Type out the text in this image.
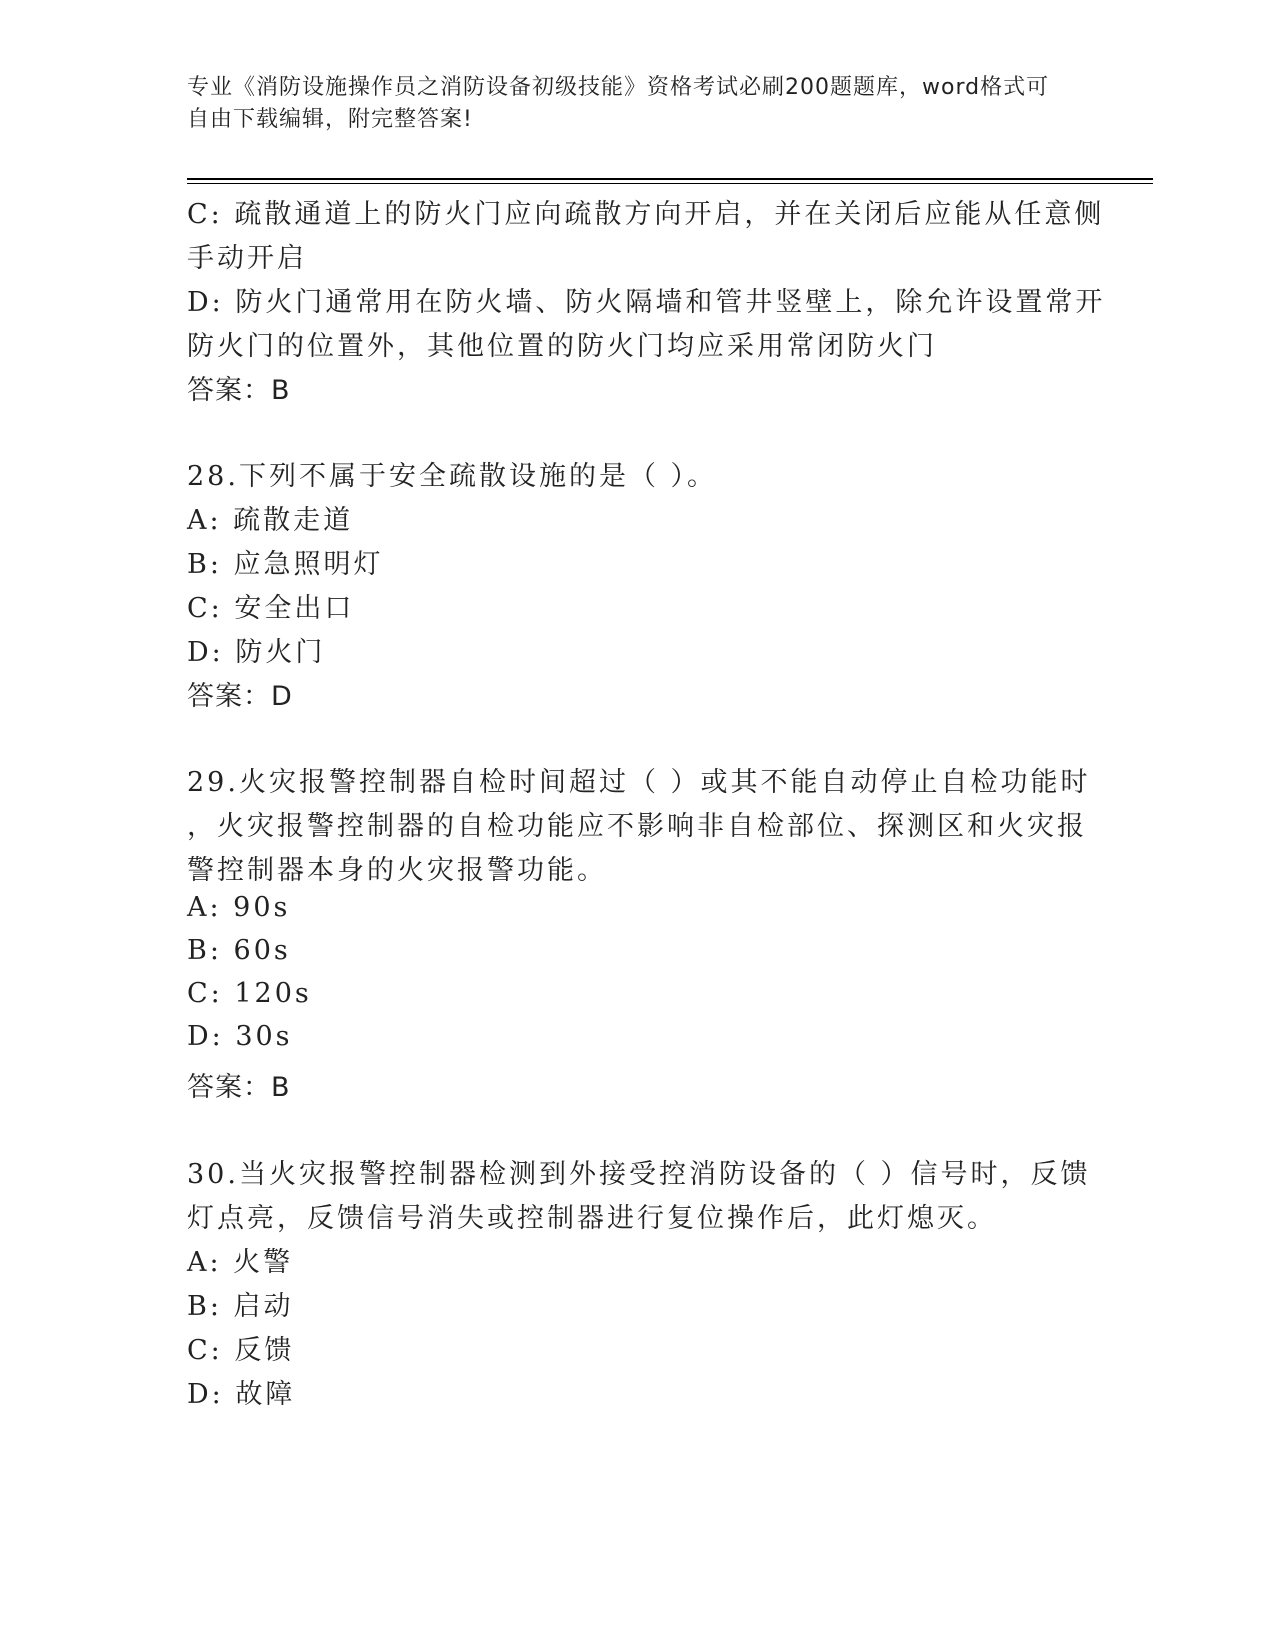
专业《消防设施操作员之消防设备初级技能》资格考试必刷200题题库，word格式可自由下载编辑，附完整答案!
C: 疏散通道上的防火门应向疏散方向开启，并在关闭后应能从任意侧
手动开启
D: 防火门通常用在防火墙、防火隔墙和管井竖壁上，除允许设置常开
防火门的位置外，其他位置的防火门均应采用常闭防火门
答案：B
28.下列不属于安全疏散设施的是（ ）。
A: 疏散走道
B: 应急照明灯
C: 安全出口
D: 防火门
答案：D
29.火灾报警控制器自检时间超过（ ）或其不能自动停止自检功能时
，火灾报警控制器的自检功能应不影响非自检部位、探测区和火灾报
警控制器本身的火灾报警功能。
A: 90s
B: 60s
C: 120s
D: 30s
答案：B
30.当火灾报警控制器检测到外接受控消防设备的（ ）信号时，反馈
灯点亮，反馈信号消失或控制器进行复位操作后，此灯熄灭。
A: 火警
B: 启动
C: 反馈
D: 故障
